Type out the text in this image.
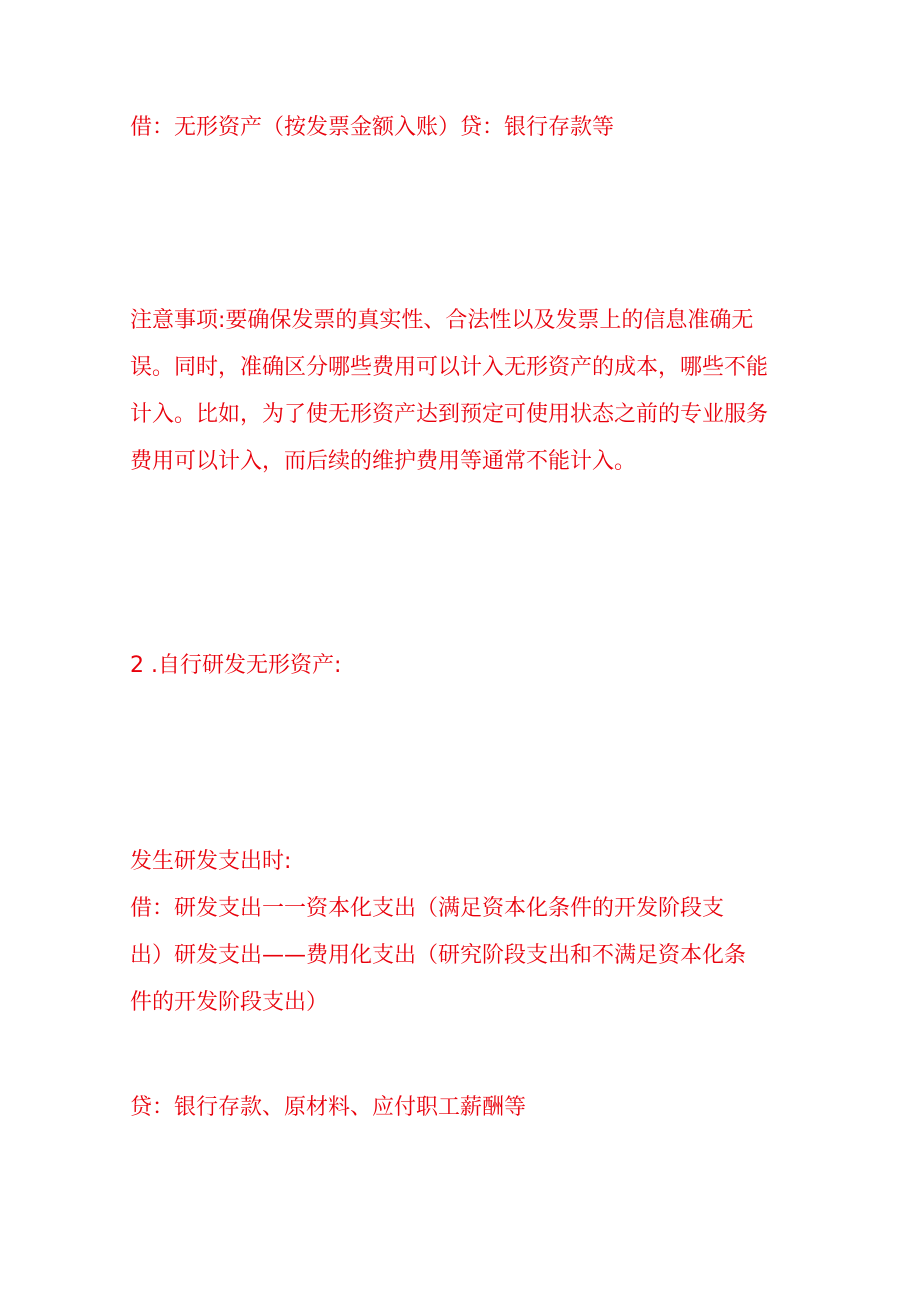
借：无形资产（按发票金额入账）贷：银行存款等
注意事项:要确保发票的真实性、合法性以及发票上的信息准确无
误。同时，准确区分哪些费用可以计入无形资产的成本，哪些不能
计入。比如，为了使无形资产达到预定可使用状态之前的专业服务
费用可以计入，而后续的维护费用等通常不能计入。
2 .自行研发无形资产:
发生研发支出时:
借：研发支出一一资本化支出（满足资本化条件的开发阶段支
出）研发支出——费用化支出（研究阶段支出和不满足资本化条
件的开发阶段支出）
贷：银行存款、原材料、应付职工薪酬等
